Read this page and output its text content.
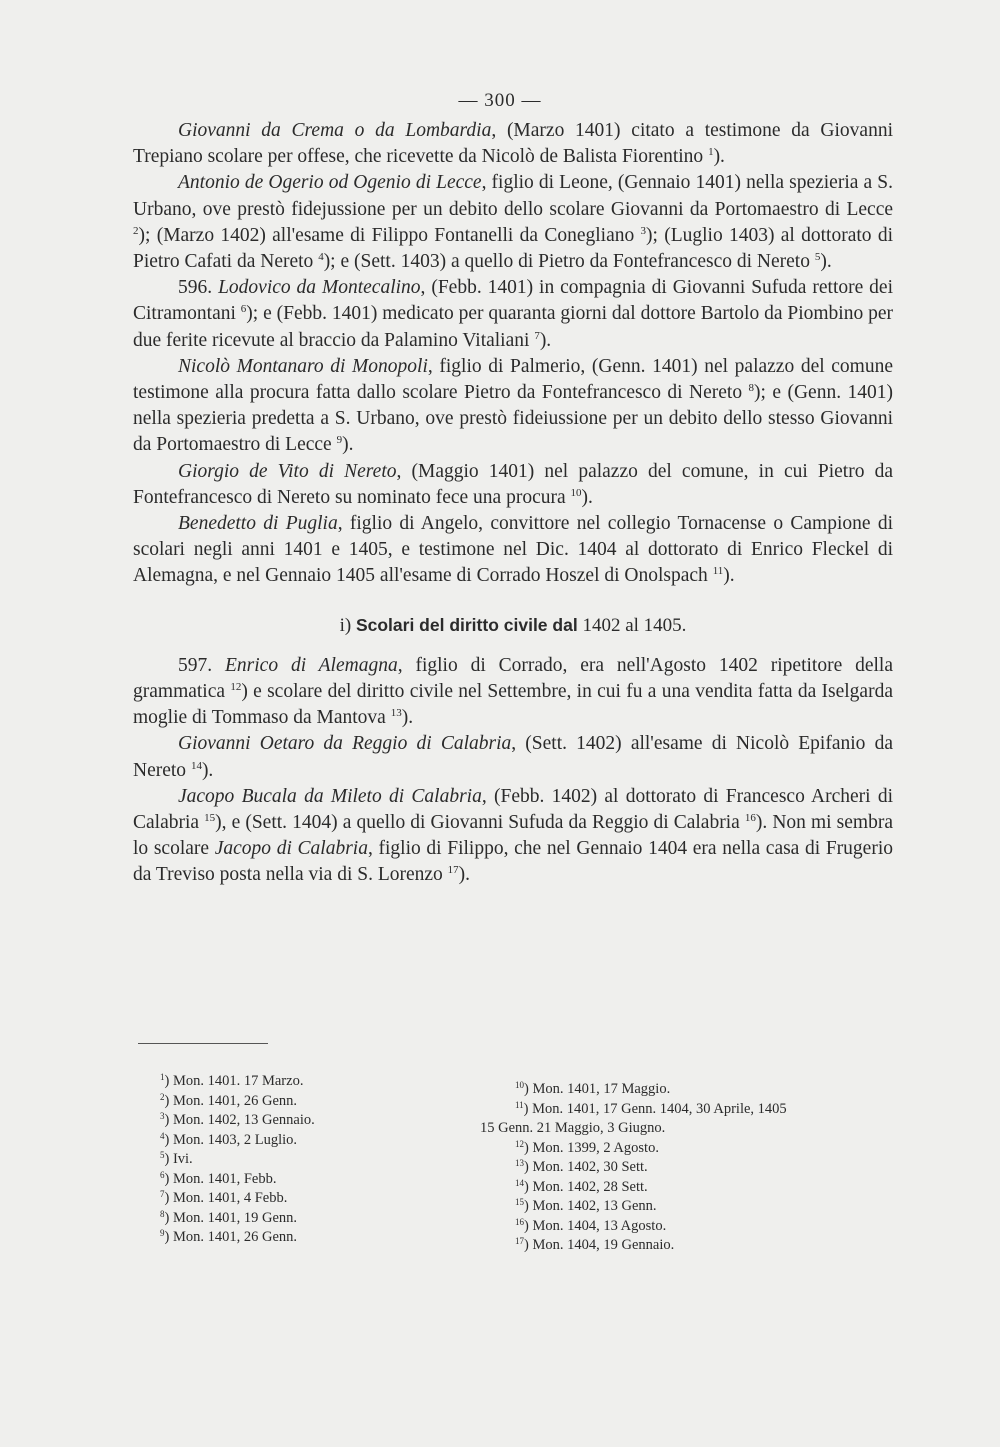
— 300 —

Giovanni da Crema o da Lombardia, (Marzo 1401) citato a testimone da Giovanni Trepiano scolare per offese, che ricevette da Nicolò de Balista Fiorentino $^1$).

Antonio de Ogerio od Ogenio di Lecce, figlio di Leone, (Gennaio 1401) nella spezieria a S. Urbano, ove prestò fidejussione per un debito dello scolare Giovanni da Portomaestro di Lecce $^2$); (Marzo 1402) all'esame di Filippo Fontanelli da Conegliano $^3$); (Luglio 1403) al dottorato di Pietro Cafati da Nereto $^4$); e (Sett. 1403) a quello di Pietro da Fontefrancesco di Nereto $^5$).

596. Lodovico da Montecalino, (Febb. 1401) in compagnia di Giovanni Sufuda rettore dei Citramontani $^6$); e (Febb. 1401) medicato per quaranta giorni dal dottore Bartolo da Piombino per due ferite ricevute al braccio da Palamino Vitaliani $^7$).

Nicolò Montanaro di Monopoli, figlio di Palmerio, (Genn. 1401) nel palazzo del comune testimone alla procura fatta dallo scolare Pietro da Fontefrancesco di Nereto $^8$); e (Genn. 1401) nella spezieria predetta a S. Urbano, ove prestò fideiussione per un debito dello stesso Giovanni da Portomaestro di Lecce $^9$).

Giorgio de Vito di Nereto, (Maggio 1401) nel palazzo del comune, in cui Pietro da Fontefrancesco di Nereto su nominato fece una procura $^{10}$).

Benedetto di Puglia, figlio di Angelo, convittore nel collegio Tornacense o Campione di scolari negli anni 1401 e 1405, e testimone nel Dic. 1404 al dottorato di Enrico Fleckel di Alemagna, e nel Gennaio 1405 all'esame di Corrado Hoszel di Onolspach $^{11}$).

i) Scolari del diritto civile dal 1402 al 1405.

597. Enrico di Alemagna, figlio di Corrado, era nell'Agosto 1402 ripetitore della grammatica $^{12}$) e scolare del diritto civile nel Settembre, in cui fu a una vendita fatta da Iselgarda moglie di Tommaso da Mantova $^{13}$).

Giovanni Oetaro da Reggio di Calabria, (Sett. 1402) all'esame di Nicolò Epifanio da Nereto $^{14}$).

Jacopo Bucala da Mileto di Calabria, (Febb. 1402) al dottorato di Francesco Archeri di Calabria $^{15}$), e (Sett. 1404) a quello di Giovanni Sufuda da Reggio di Calabria $^{16}$). Non mi sembra lo scolare Jacopo di Calabria, figlio di Filippo, che nel Gennaio 1404 era nella casa di Frugerio da Treviso posta nella via di S. Lorenzo $^{17}$).

$^1$) Mon. 1401. 17 Marzo.
$^2$) Mon. 1401, 26 Genn.
$^3$) Mon. 1402, 13 Gennaio.
$^4$) Mon. 1403, 2 Luglio.
$^5$) Ivi.
$^6$) Mon. 1401, Febb.
$^7$) Mon. 1401, 4 Febb.
$^8$) Mon. 1401, 19 Genn.
$^9$) Mon. 1401, 26 Genn.
$^{10}$) Mon. 1401, 17 Maggio.
$^{11}$) Mon. 1401, 17 Genn. 1404, 30 Aprile, 1405
15 Genn. 21 Maggio, 3 Giugno.
$^{12}$) Mon. 1399, 2 Agosto.
$^{13}$) Mon. 1402, 30 Sett.
$^{14}$) Mon. 1402, 28 Sett.
$^{15}$) Mon. 1402, 13 Genn.
$^{16}$) Mon. 1404, 13 Agosto.
$^{17}$) Mon. 1404, 19 Gennaio.
